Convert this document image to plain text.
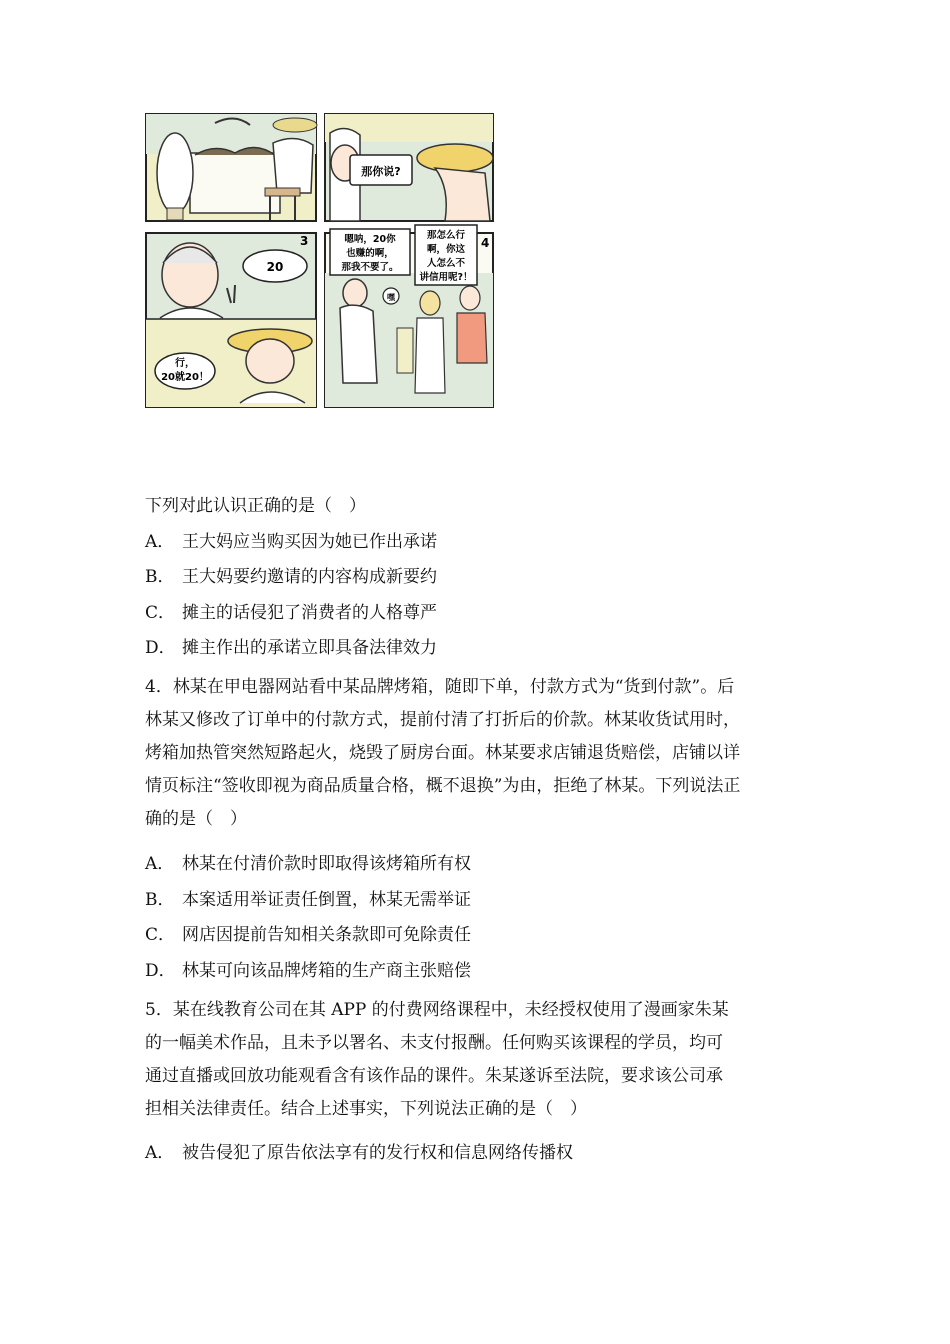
那你说?
3
20
行，
20就20！
4
嗯呐，20你
也赚的啊，
那我不要了。
那怎么行
啊，你这
人怎么不
讲信用呢?！
嘿
下列对此认识正确的是（　）
A． 王大妈应当购买因为她已作出承诺
B． 王大妈要约邀请的内容构成新要约
C． 摊主的话侵犯了消费者的人格尊严
D． 摊主作出的承诺立即具备法律效力

4．林某在甲电器网站看中某品牌烤箱，随即下单，付款方式为“货到付款”。后

林某又修改了订单中的付款方式，提前付清了打折后的价款。林某收货试用时，

烤箱加热管突然短路起火，烧毁了厨房台面。林某要求店铺退货赔偿，店铺以详

情页标注“签收即视为商品质量合格，概不退换”为由，拒绝了林某。下列说法正

确的是（　）

A． 林某在付清价款时即取得该烤箱所有权
B． 本案适用举证责任倒置，林某无需举证
C． 网店因提前告知相关条款即可免除责任
D． 林某可向该品牌烤箱的生产商主张赔偿

5．某在线教育公司在其 APP 的付费网络课程中，未经授权使用了漫画家朱某

的一幅美术作品，且未予以署名、未支付报酬。任何购买该课程的学员，均可

通过直播或回放功能观看含有该作品的课件。朱某遂诉至法院，要求该公司承

担相关法律责任。结合上述事实，下列说法正确的是（　）

A． 被告侵犯了原告依法享有的发行权和信息网络传播权
